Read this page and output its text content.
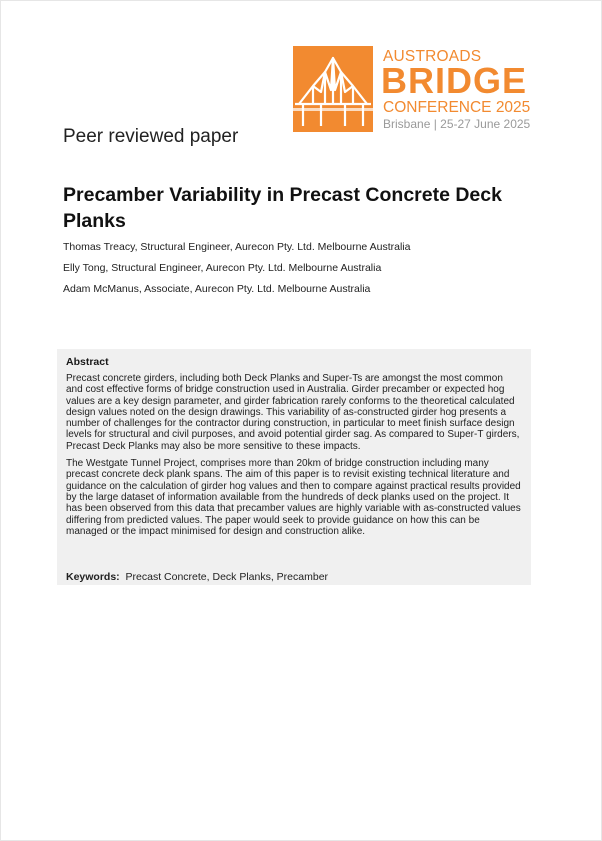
AUSTROADS
BRIDGE
CONFERENCE 2025
Brisbane | 25-27 June 2025
Peer reviewed paper
Precamber Variability in Precast Concrete Deck Planks
Thomas Treacy, Structural Engineer, Aurecon Pty. Ltd. Melbourne Australia
Elly Tong, Structural Engineer, Aurecon Pty. Ltd. Melbourne Australia
Adam McManus, Associate, Aurecon Pty. Ltd. Melbourne Australia
Abstract

Precast concrete girders, including both Deck Planks and Super-Ts are amongst the most common and cost effective forms of bridge construction used in Australia. Girder precamber or expected hog values are a key design parameter, and girder fabrication rarely conforms to the theoretical calculated design values noted on the design drawings. This variability of as-constructed girder hog presents a number of challenges for the contractor during construction, in particular to meet finish surface design levels for structural and civil purposes, and avoid potential girder sag. As compared to Super-T girders, Precast Deck Planks may also be more sensitive to these impacts.

The Westgate Tunnel Project, comprises more than 20km of bridge construction including many precast concrete deck plank spans. The aim of this paper is to revisit existing technical literature and guidance on the calculation of girder hog values and then to compare against practical results provided by the large dataset of information available from the hundreds of deck planks used on the project. It has been observed from this data that precamber values are highly variable with as-constructed values differing from predicted values. The paper would seek to provide guidance on how this can be managed or the impact minimised for design and construction alike.

Keywords: Precast Concrete, Deck Planks, Precamber
